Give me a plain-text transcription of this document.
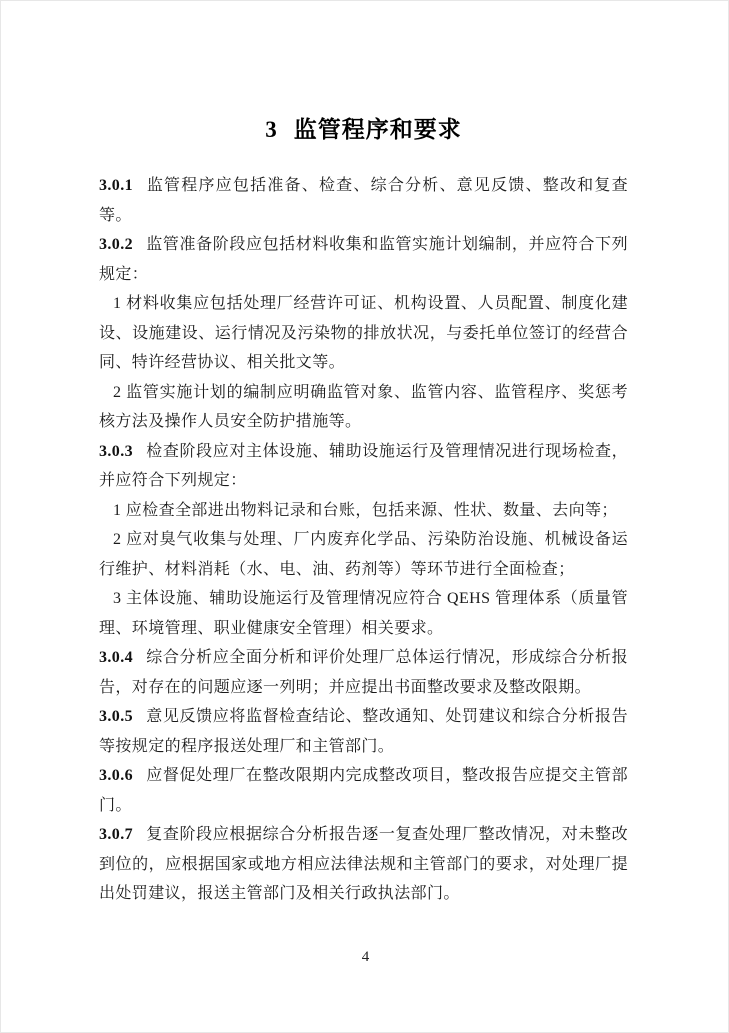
3 监管程序和要求

3.0.1 监管程序应包括准备、检查、综合分析、意见反馈、整改和复查等。

3.0.2 监管准备阶段应包括材料收集和监管实施计划编制，并应符合下列规定：

1 材料收集应包括处理厂经营许可证、机构设置、人员配置、制度化建设、设施建设、运行情况及污染物的排放状况，与委托单位签订的经营合同、特许经营协议、相关批文等。

2 监管实施计划的编制应明确监管对象、监管内容、监管程序、奖惩考核方法及操作人员安全防护措施等。

3.0.3 检查阶段应对主体设施、辅助设施运行及管理情况进行现场检查，并应符合下列规定：

1 应检查全部进出物料记录和台账，包括来源、性状、数量、去向等；

2 应对臭气收集与处理、厂内废弃化学品、污染防治设施、机械设备运行维护、材料消耗（水、电、油、药剂等）等环节进行全面检查；

3 主体设施、辅助设施运行及管理情况应符合 QEHS 管理体系（质量管理、环境管理、职业健康安全管理）相关要求。

3.0.4 综合分析应全面分析和评价处理厂总体运行情况，形成综合分析报告，对存在的问题应逐一列明；并应提出书面整改要求及整改限期。

3.0.5 意见反馈应将监督检查结论、整改通知、处罚建议和综合分析报告等按规定的程序报送处理厂和主管部门。

3.0.6 应督促处理厂在整改限期内完成整改项目，整改报告应提交主管部门。

3.0.7 复查阶段应根据综合分析报告逐一复查处理厂整改情况，对未整改到位的，应根据国家或地方相应法律法规和主管部门的要求，对处理厂提出处罚建议，报送主管部门及相关行政执法部门。

4
